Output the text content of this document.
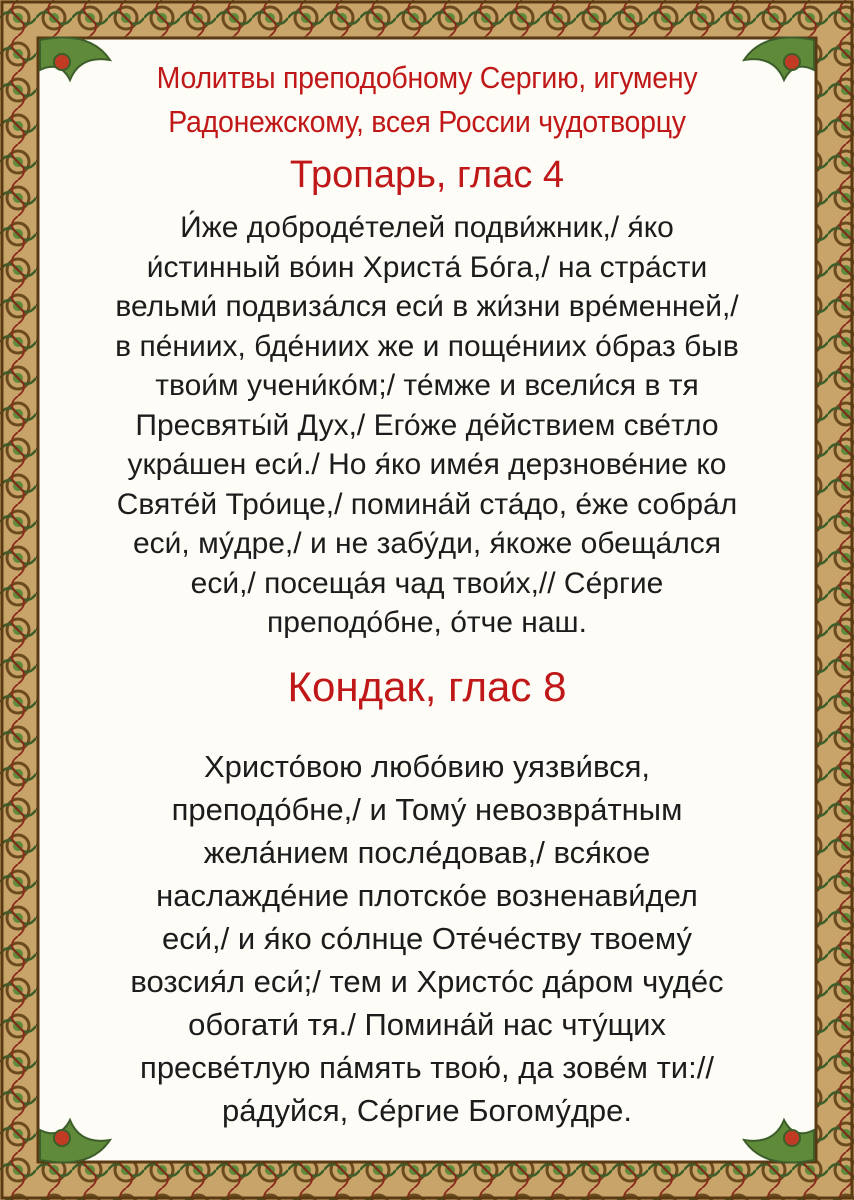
Молитвы преподобному Сергию, игумену
Радонежскому, всея России чудотворцу
Тропарь, глас 4
И́же доброде́телей подви́жник,/ я́ко
и́стинный во́ин Христа́ Бо́га,/ на стра́сти
вельми́ подвиза́лся еси́ в жи́зни вре́менней,/
в пе́ниих, бде́ниих же и поще́ниих о́браз быв
твои́м учени́ко́м;/ те́мже и всели́ся в тя
Пресвяты́й Дух,/ Его́же де́йствием све́тло
укра́шен еси́./ Но я́ко име́я дерзнове́ние ко
Святе́й Тро́ице,/ помина́й ста́до, е́же собра́л
еси́, му́дре,/ и не забу́ди, я́коже обеща́лся
еси́,/ посеща́я чад твои́х,// Се́ргие
преподо́бне, о́тче наш.
Кондак, глас 8
Христо́вою любо́вию уязви́вся,
преподо́бне,/ и Тому́ невозвра́тным
жела́нием после́довав,/ вся́кое
наслажде́ние плотско́е возненави́дел
еси́,/ и я́ко со́лнце Оте́че́ству твоему́
возсия́л еси́;/ тем и Христо́с да́ром чуде́с
обогати́ тя./ Помина́й нас чту́щих
пресве́тлую па́мять твою́, да зове́м ти://
ра́дуйся, Се́ргие Богому́дре.
